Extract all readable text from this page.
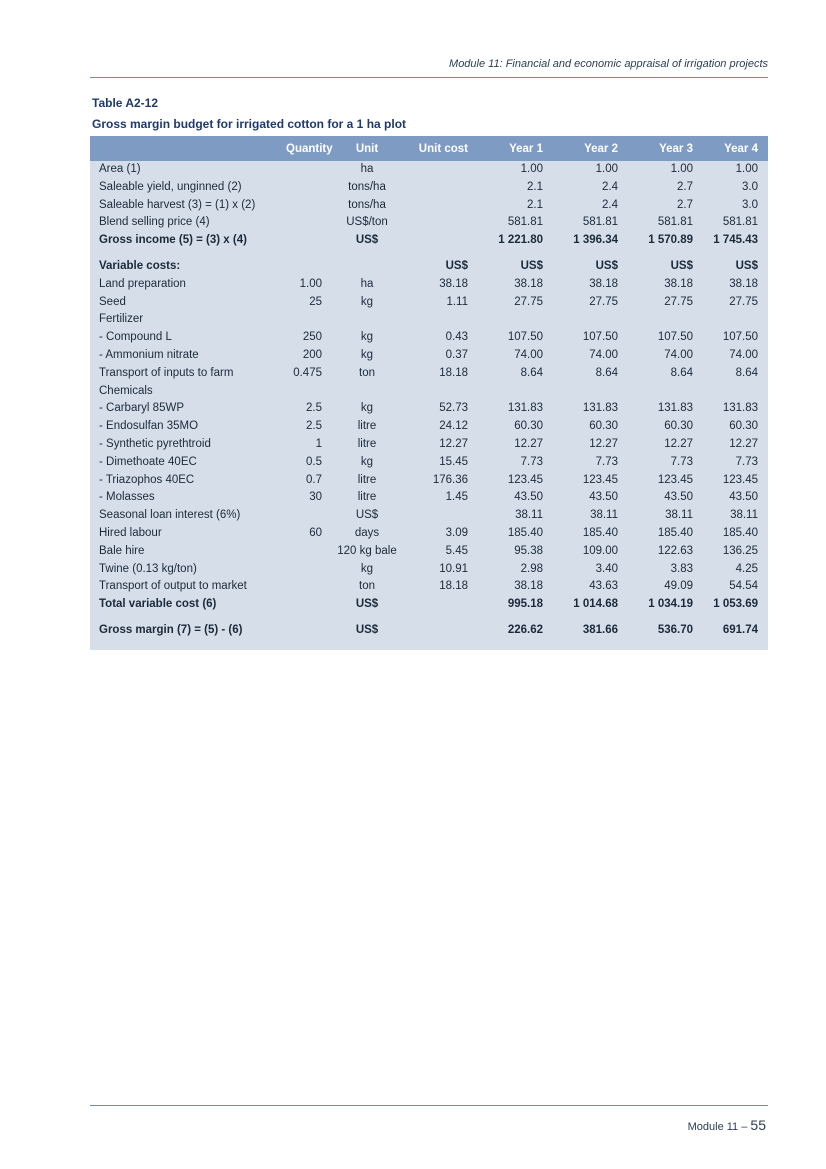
Module 11: Financial and economic appraisal of irrigation projects
Table A2-12
Gross margin budget for irrigated cotton for a 1 ha plot
	Quantity	Unit	Unit cost	Year 1	Year 2	Year 3	Year 4
Area (1)		ha		1.00	1.00	1.00	1.00
Saleable yield, unginned (2)		tons/ha		2.1	2.4	2.7	3.0
Saleable harvest (3) = (1) x (2)		tons/ha		2.1	2.4	2.7	3.0
Blend selling price (4)		US$/ton		581.81	581.81	581.81	581.81
Gross income (5) = (3) x (4)		US$		1 221.80	1 396.34	1 570.89	1 745.43

Variable costs:			US$	US$	US$	US$	US$
Land preparation	1.00	ha	38.18	38.18	38.18	38.18	38.18
Seed	25	kg	1.11	27.75	27.75	27.75	27.75
Fertilizer							
- Compound L	250	kg	0.43	107.50	107.50	107.50	107.50
- Ammonium nitrate	200	kg	0.37	74.00	74.00	74.00	74.00
Transport of inputs to farm	0.475	ton	18.18	8.64	8.64	8.64	8.64
Chemicals							
- Carbaryl 85WP	2.5	kg	52.73	131.83	131.83	131.83	131.83
- Endosulfan 35MO	2.5	litre	24.12	60.30	60.30	60.30	60.30
- Synthetic pyrethtroid	1	litre	12.27	12.27	12.27	12.27	12.27
- Dimethoate 40EC	0.5	kg	15.45	7.73	7.73	7.73	7.73
- Triazophos 40EC	0.7	litre	176.36	123.45	123.45	123.45	123.45
- Molasses	30	litre	1.45	43.50	43.50	43.50	43.50
Seasonal loan interest (6%)		US$		38.11	38.11	38.11	38.11
Hired labour	60	days	3.09	185.40	185.40	185.40	185.40
Bale hire		120 kg bale	5.45	95.38	109.00	122.63	136.25
Twine (0.13 kg/ton)		kg	10.91	2.98	3.40	3.83	4.25
Transport of output to market		ton	18.18	38.18	43.63	49.09	54.54
Total variable cost (6)		US$		995.18	1 014.68	1 034.19	1 053.69

Gross margin (7) = (5) - (6)		US$		226.62	381.66	536.70	691.74

Module 11 – 55
